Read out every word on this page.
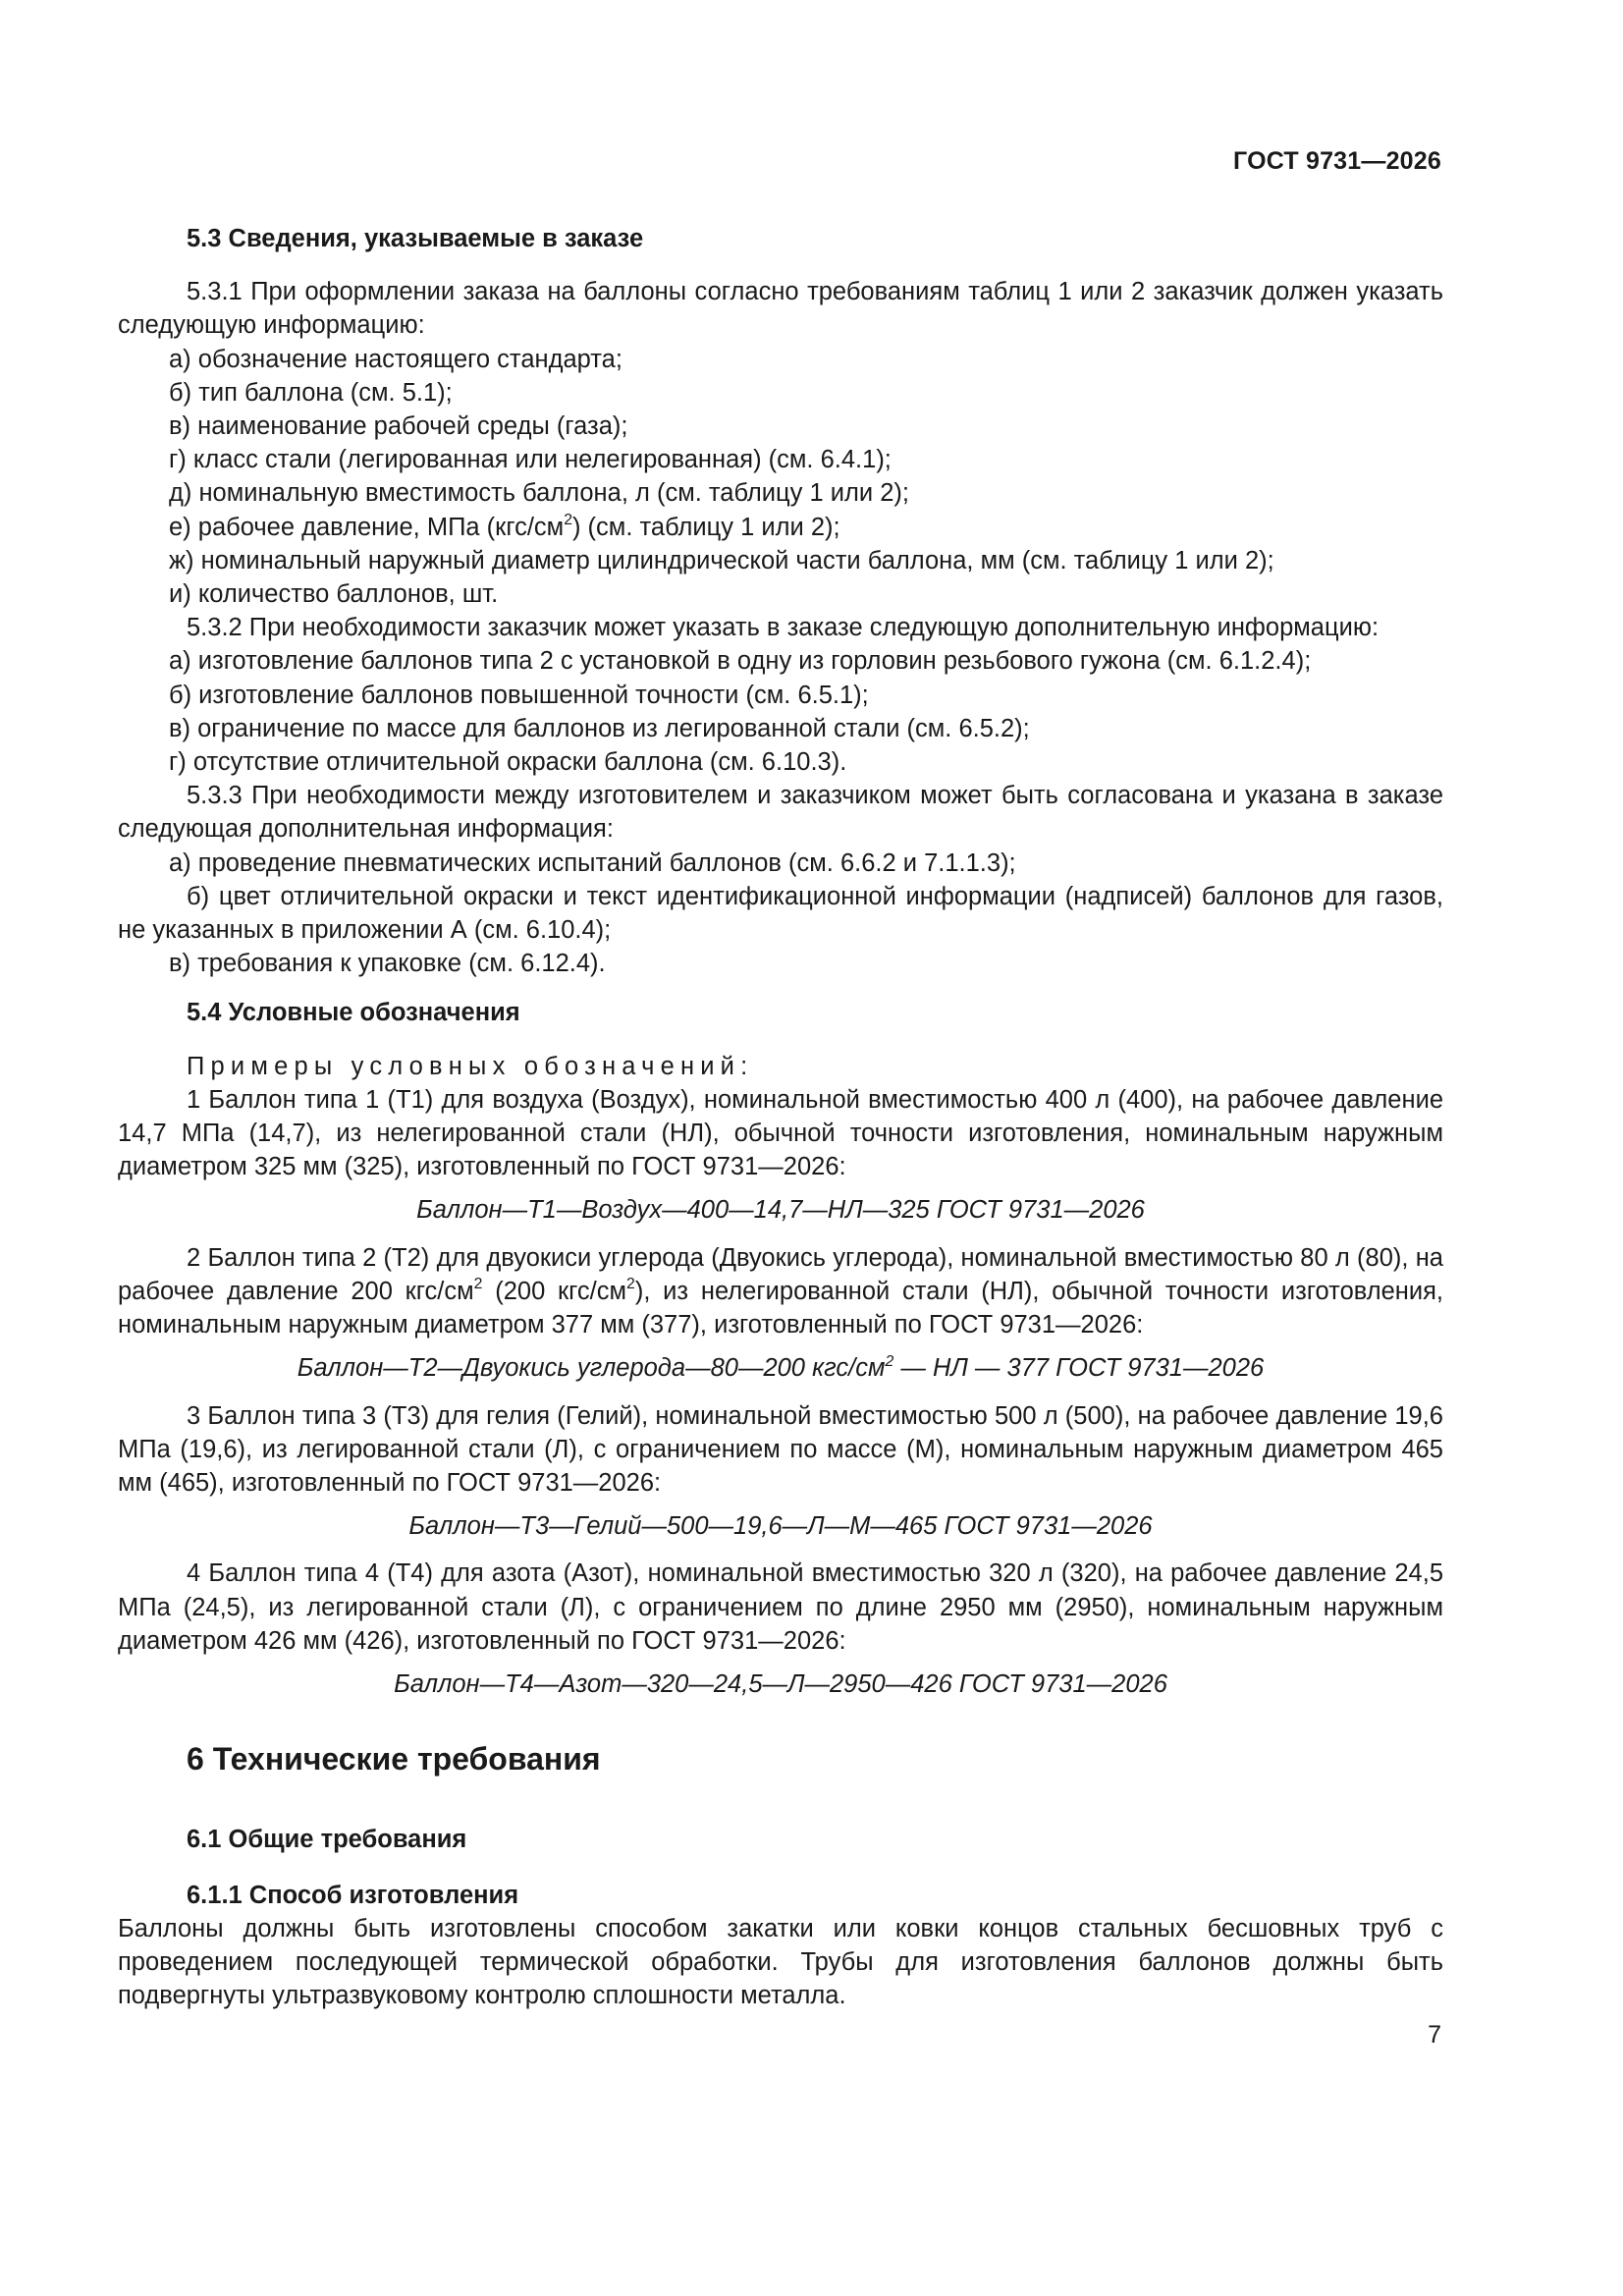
ГОСТ 9731—2026

5.3 Сведения, указываемые в заказе

5.3.1 При оформлении заказа на баллоны согласно требованиям таблиц 1 или 2 заказчик должен указать следующую информацию:

а) обозначение настоящего стандарта;

б) тип баллона (см. 5.1);

в) наименование рабочей среды (газа);

г) класс стали (легированная или нелегированная) (см. 6.4.1);

д) номинальную вместимость баллона, л (см. таблицу 1 или 2);

е) рабочее давление, МПа $(кгс/см^2)$ (см. таблицу 1 или 2);

ж) номинальный наружный диаметр цилиндрической части баллона, мм (см. таблицу 1 или 2);

и) количество баллонов, шт.

5.3.2 При необходимости заказчик может указать в заказе следующую дополнительную информацию:

а) изготовление баллонов типа 2 с установкой в одну из горловин резьбового гужона (см. 6.1.2.4);

б) изготовление баллонов повышенной точности (см. 6.5.1);

в) ограничение по массе для баллонов из легированной стали (см. 6.5.2);

г) отсутствие отличительной окраски баллона (см. 6.10.3).

5.3.3 При необходимости между изготовителем и заказчиком может быть согласована и указана в заказе следующая дополнительная информация:

а) проведение пневматических испытаний баллонов (см. 6.6.2 и 7.1.1.3);

б) цвет отличительной окраски и текст идентификационной информации (надписей) баллонов для газов, не указанных в приложении А (см. 6.10.4);

в) требования к упаковке (см. 6.12.4).

5.4 Условные обозначения

Примеры условных обозначений:

1 Баллон типа 1 (Т1) для воздуха (Воздух), номинальной вместимостью 400 л (400), на рабочее давление 14,7 МПа (14,7), из нелегированной стали (НЛ), обычной точности изготовления, номинальным наружным диаметром 325 мм (325), изготовленный по ГОСТ 9731—2026:

Баллон—Т1—Воздух—400—14,7—НЛ—325 ГОСТ 9731—2026

2 Баллон типа 2 (Т2) для двуокиси углерода (Двуокись углерода), номинальной вместимостью 80 л (80), на рабочее давление 200 кгс/$см^2$ (200 кгс/$см^2$), из нелегированной стали (НЛ), обычной точности изготовления, номинальным наружным диаметром 377 мм (377), изготовленный по ГОСТ 9731—2026:

Баллон—Т2—Двуокись углерода—80—200 кгс/$см^2$ — НЛ — 377 ГОСТ 9731—2026

3 Баллон типа 3 (Т3) для гелия (Гелий), номинальной вместимостью 500 л (500), на рабочее давление 19,6 МПа (19,6), из легированной стали (Л), с ограничением по массе (М), номинальным наружным диаметром 465 мм (465), изготовленный по ГОСТ 9731—2026:

Баллон—Т3—Гелий—500—19,6—Л—М—465 ГОСТ 9731—2026

4 Баллон типа 4 (Т4) для азота (Азот), номинальной вместимостью 320 л (320), на рабочее давление 24,5 МПа (24,5), из легированной стали (Л), с ограничением по длине 2950 мм (2950), номинальным наружным диаметром 426 мм (426), изготовленный по ГОСТ 9731—2026:

Баллон—Т4—Азот—320—24,5—Л—2950—426 ГОСТ 9731—2026

6 Технические требования

6.1 Общие требования

6.1.1 Способ изготовления

Баллоны должны быть изготовлены способом закатки или ковки концов стальных бесшовных труб с проведением последующей термической обработки. Трубы для изготовления баллонов должны быть подвергнуты ультразвуковому контролю сплошности металла.

7
